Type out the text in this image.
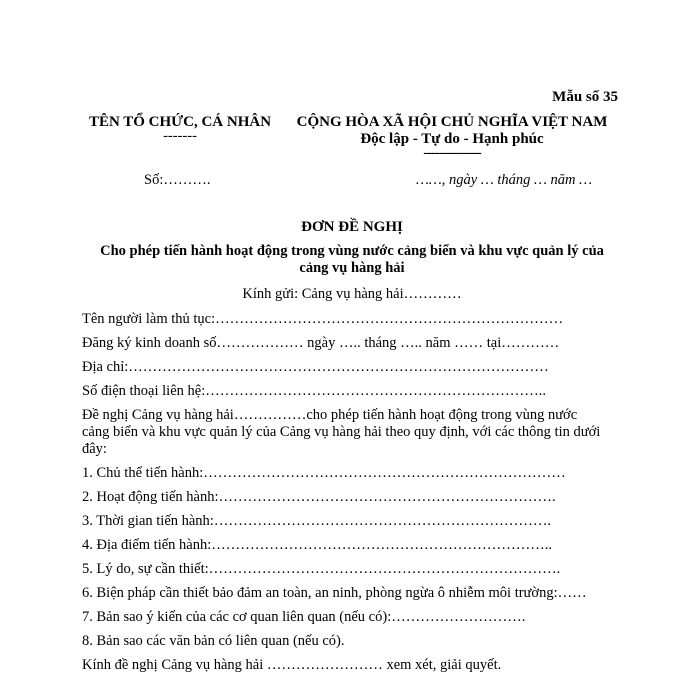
Mẫu số 35
TÊN TỔ CHỨC, CÁ NHÂN
-------
CỘNG HÒA XÃ HỘI CHỦ NGHĨA VIỆT NAM
Độc lập - Tự do - Hạnh phúc
---------------
Số:……….	……, ngày … tháng … năm …
ĐƠN ĐỀ NGHỊ
Cho phép tiến hành hoạt động trong vùng nước cảng biển và khu vực quản lý của
cảng vụ hàng hải
Kính gửi: Cảng vụ hàng hải…………
Tên người làm thủ tục:………………………………………………………………
Đăng ký kinh doanh số……………… ngày ….. tháng ….. năm …… tại…………
Địa chỉ:……………………………………………………………………………
Số điện thoại liên hệ:……………………………………………………………..
Đề nghị Cảng vụ hàng hải……………cho phép tiến hành hoạt động trong vùng nước
cảng biển và khu vực quản lý của Cảng vụ hàng hải theo quy định, với các thông tin dưới
đây:
1. Chủ thể tiến hành:…………………………………………………………………
2. Hoạt động tiến hành:…………………………………………………………….
3. Thời gian tiến hành:…………………………………………………………….
4. Địa điểm tiến hành:……………………………………………………………..
5. Lý do, sự cần thiết:……………………………………………………………….
6. Biện pháp cần thiết bảo đảm an toàn, an ninh, phòng ngừa ô nhiễm môi trường:……
7. Bản sao ý kiến của các cơ quan liên quan (nếu có):……………………….
8. Bản sao các văn bản có liên quan (nếu có).
Kính đề nghị Cảng vụ hàng hải …………………… xem xét, giải quyết.
